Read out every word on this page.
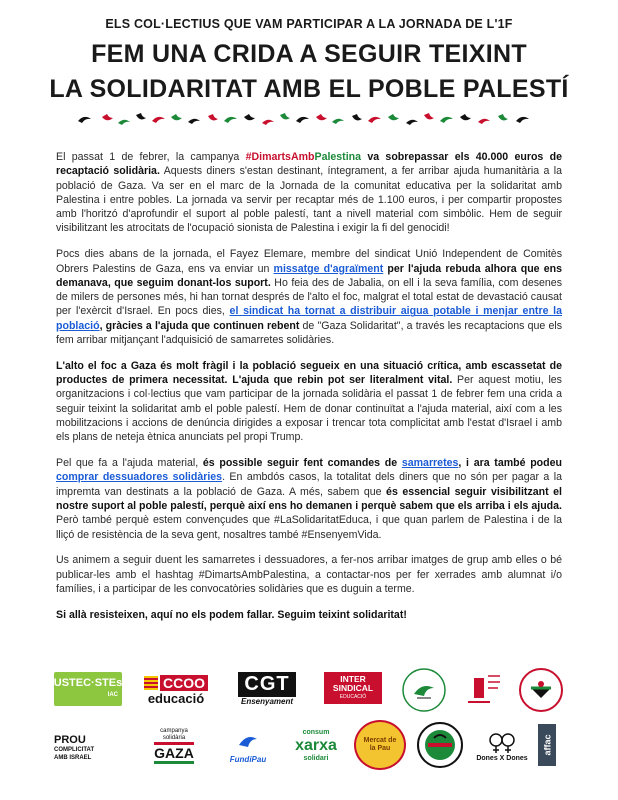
ELS COL·LECTIUS QUE VAM PARTICIPAR A LA JORNADA DE L'1F
FEM UNA CRIDA A SEGUIR TEIXINT
LA SOLIDARITAT AMB EL POBLE PALESTÍ

El passat 1 de febrer, la campanya #DimartsAmbPalestina va sobrepassar els 40.000 euros de recaptació solidària. Aquests diners s'estan destinant, íntegrament, a fer arribar ajuda humanitària a la població de Gaza. Va ser en el marc de la Jornada de la comunitat educativa per la solidaritat amb Palestina i entre pobles. La jornada va servir per recaptar més de 1.100 euros, i per compartir propostes amb l'horitzó d'aprofundir el suport al poble palestí, tant a nivell material com simbòlic. Hem de seguir visibilitzant les atrocitats de l'ocupació sionista de Palestina i exigir la fi del genocidi!

Pocs dies abans de la jornada, el Fayez Elemare, membre del sindicat Unió Independent de Comitès Obrers Palestins de Gaza, ens va enviar un missatge d'agraïment per l'ajuda rebuda alhora que ens demanava, que seguim donant-los suport. Ho feia des de Jabalia, on ell i la seva família, com desenes de milers de persones més, hi han tornat després de l'alto el foc, malgrat el total estat de devastació causat per l'exèrcit d'Israel. En pocs dies, el sindicat ha tornat a distribuir aigua potable i menjar entre la població, gràcies a l'ajuda que continuen rebent de "Gaza Solidaritat", a través les recaptacions que els fem arribar mitjançant l'adquisició de samarretes solidàries.

L'alto el foc a Gaza és molt fràgil i la població segueix en una situació crítica, amb escassetat de productes de primera necessitat. L'ajuda que rebin pot ser literalment vital. Per aquest motiu, les organitzacions i col·lectius que vam participar de la jornada solidària el passat 1 de febrer fem una crida a seguir teixint la solidaritat amb el poble palestí. Hem de donar continuïtat a l'ajuda material, així com a les mobilitzacions i accions de denúncia dirigides a exposar i trencar tota complicitat amb l'estat d'Israel i amb els plans de neteja ètnica anunciats pel propi Trump.

Pel que fa a l'ajuda material, és possible seguir fent comandes de samarretes, i ara també podeu comprar dessuadores solidàries. En ambdós casos, la totalitat dels diners que no són per pagar a la impremta van destinats a la població de Gaza. A més, sabem que és essencial seguir visibilitzant el nostre suport al poble palestí, perquè així ens ho demanen i perquè sabem que els arriba i els ajuda. Però també perquè estem convençudes que #LaSolidaritatEduca, i que quan parlem de Palestina i de la lliçó de resistència de la seva gent, nosaltres també #EnsenyemVida.

Us animem a seguir duent les samarretes i dessuadores, a fer-nos arribar imatges de grup amb elles o bé publicar-les amb el hashtag #DimartsAmbPalestina, a contactar-nos per fer xerrades amb alumnat i/o famílies, i a participar de les convocatòries solidàries que es duguin a terme.

Si allà resisteixen, aquí no els podem fallar. Seguim teixint solidaritat!

USTEC·STEs
IAC
CCOO
educació
CGT
Ensenyament
INTER SINDICAL
EDUCACIÓ
PROU
COMPLICITAT
AMB ISRAEL
campanya
solidària
GAZA	FundiPau
consum
xarxa
solidari
Mercat de la Pau
Dones X Dones
affac
